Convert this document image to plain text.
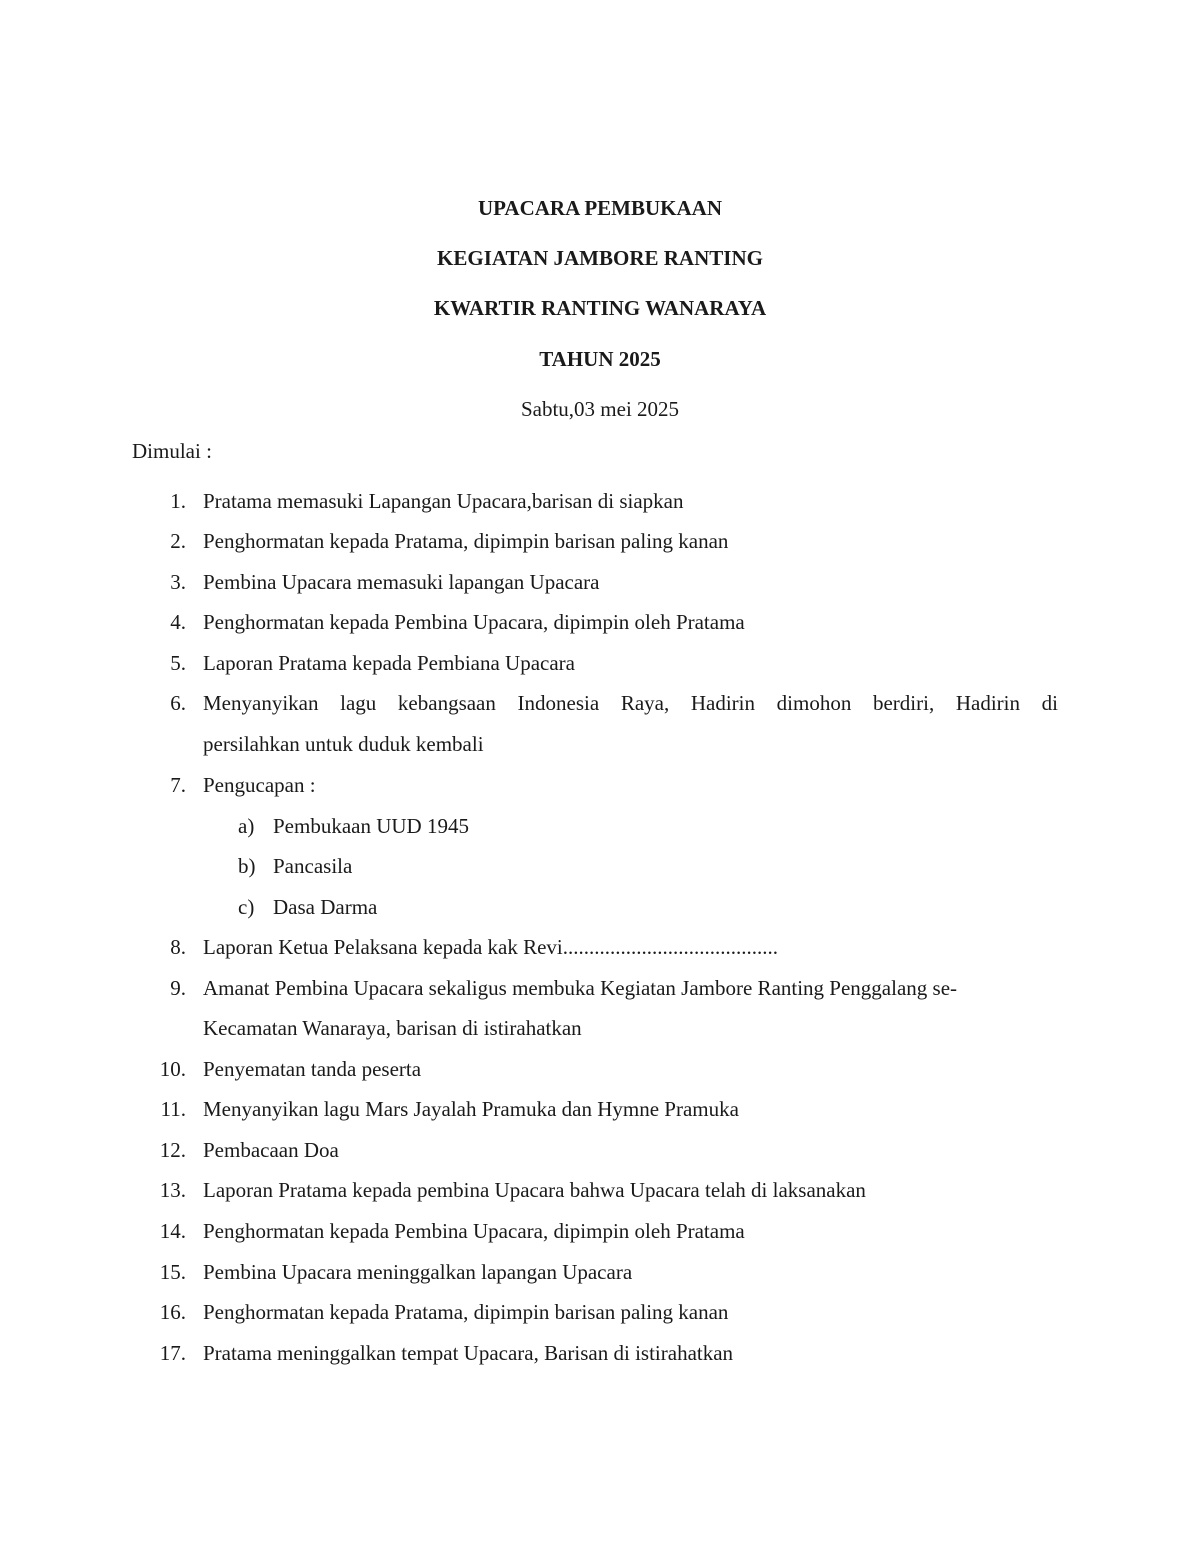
UPACARA PEMBUKAAN
KEGIATAN JAMBORE RANTING
KWARTIR RANTING WANARAYA
TAHUN 2025
Sabtu,03 mei 2025
Dimulai :
1. Pratama memasuki Lapangan Upacara,barisan di siapkan
2. Penghormatan kepada Pratama, dipimpin barisan paling kanan
3. Pembina Upacara memasuki lapangan Upacara
4. Penghormatan kepada Pembina Upacara, dipimpin oleh Pratama
5. Laporan Pratama kepada Pembiana Upacara
6. Menyanyikan lagu kebangsaan Indonesia Raya, Hadirin dimohon berdiri, Hadirin di
persilahkan untuk duduk kembali
7. Pengucapan :
a) Pembukaan UUD 1945
b) Pancasila
c) Dasa Darma
8. Laporan Ketua Pelaksana kepada kak Revi.........................................
9. Amanat Pembina Upacara sekaligus membuka Kegiatan Jambore Ranting Penggalang se-
Kecamatan Wanaraya, barisan di istirahatkan
10. Penyematan tanda peserta
11. Menyanyikan lagu Mars Jayalah Pramuka dan Hymne Pramuka
12. Pembacaan Doa
13. Laporan Pratama kepada pembina Upacara bahwa Upacara telah di laksanakan
14. Penghormatan kepada Pembina Upacara, dipimpin oleh Pratama
15. Pembina Upacara meninggalkan lapangan Upacara
16. Penghormatan kepada Pratama, dipimpin barisan paling kanan
17. Pratama meninggalkan tempat Upacara, Barisan di istirahatkan
